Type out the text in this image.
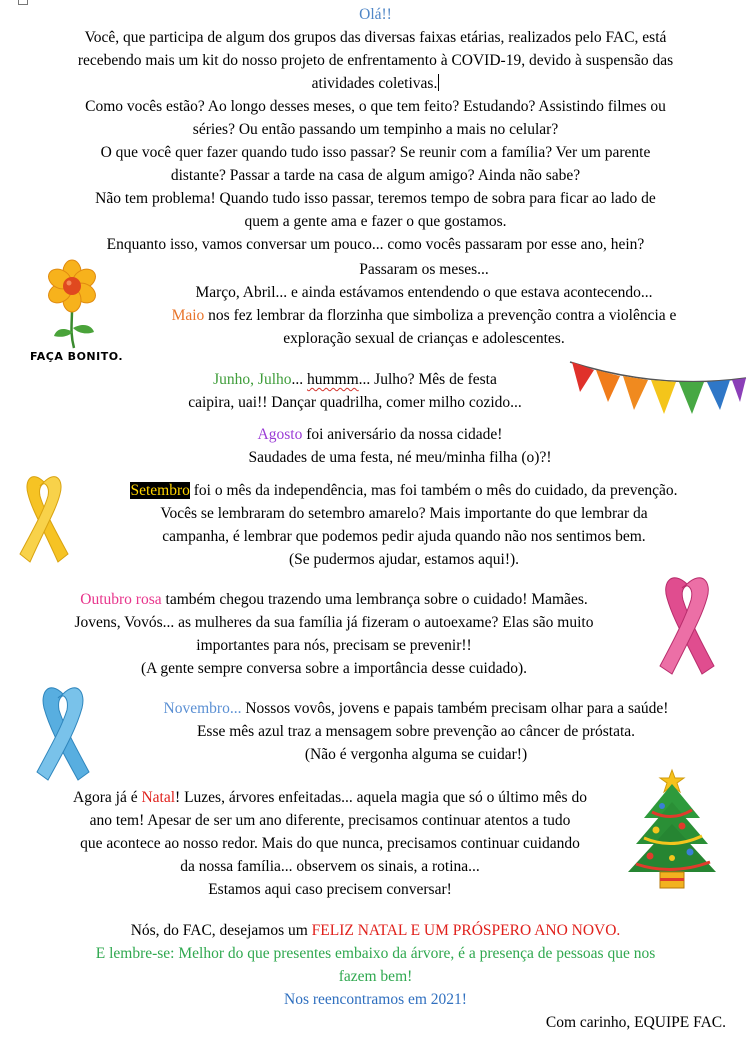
Olá!!
Você, que participa de algum dos grupos das diversas faixas etárias, realizados pelo FAC, está
recebendo mais um kit do nosso projeto de enfrentamento à COVID-19, devido à suspensão das
atividades coletivas.
Como vocês estão? Ao longo desses meses, o que tem feito? Estudando? Assistindo filmes ou
séries? Ou então passando um tempinho a mais no celular?
O que você quer fazer quando tudo isso passar? Se reunir com a família? Ver um parente
distante? Passar a tarde na casa de algum amigo? Ainda não sabe?
Não tem problema! Quando tudo isso passar, teremos tempo de sobra para ficar ao lado de
quem a gente ama e fazer o que gostamos.
Enquanto isso, vamos conversar um pouco... como vocês passaram por esse ano, hein?
FAÇA BONITO.
Passaram os meses...
Março, Abril... e ainda estávamos entendendo o que estava acontecendo...
Maio nos fez lembrar da florzinha que simboliza a prevenção contra a violência e
exploração sexual de crianças e adolescentes.
Junho, Julho... hummm... Julho? Mês de festa
caipira, uai!! Dançar quadrilha, comer milho cozido...
Agosto foi aniversário da nossa cidade!
Saudades de uma festa, né meu/minha filha (o)?!
Setembro foi o mês da independência, mas foi também o mês do cuidado, da prevenção.
Vocês se lembraram do setembro amarelo? Mais importante do que lembrar da
campanha, é lembrar que podemos pedir ajuda quando não nos sentimos bem.
(Se pudermos ajudar, estamos aqui!).
Outubro rosa também chegou trazendo uma lembrança sobre o cuidado! Mamães.
Jovens, Vovós... as mulheres da sua família já fizeram o autoexame? Elas são muito
importantes para nós, precisam se prevenir!!
(A gente sempre conversa sobre a importância desse cuidado).
Novembro... Nossos vovôs, jovens e papais também precisam olhar para a saúde!
Esse mês azul traz a mensagem sobre prevenção ao câncer de próstata.
(Não é vergonha alguma se cuidar!)
Agora já é Natal! Luzes, árvores enfeitadas... aquela magia que só o último mês do
ano tem! Apesar de ser um ano diferente, precisamos continuar atentos a tudo
que acontece ao nosso redor. Mais do que nunca, precisamos continuar cuidando
da nossa família... observem os sinais, a rotina...
Estamos aqui caso precisem conversar!
Nós, do FAC, desejamos um FELIZ NATAL E UM PRÓSPERO ANO NOVO.
E lembre-se: Melhor do que presentes embaixo da árvore, é a presença de pessoas que nos
fazem bem!
Nos reencontramos em 2021!
Com carinho, EQUIPE FAC.
